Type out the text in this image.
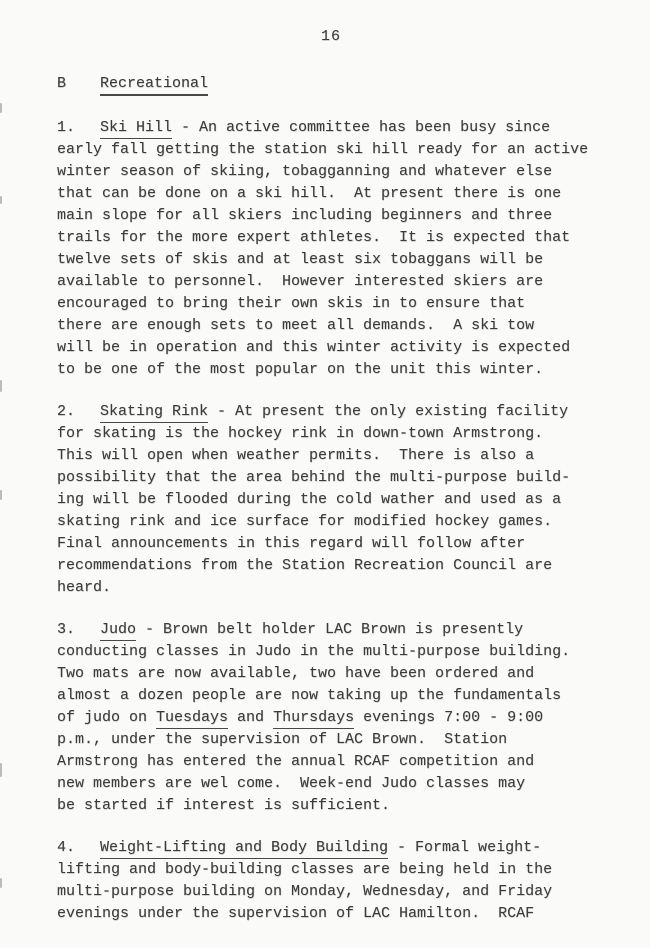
16
B Recreational
1. Ski Hill - An active committee has been busy since
early fall getting the station ski hill ready for an active
winter season of skiing, tobagganning and whatever else
that can be done on a ski hill.  At present there is one
main slope for all skiers including beginners and three
trails for the more expert athletes.  It is expected that
twelve sets of skis and at least six tobaggans will be
available to personnel.  However interested skiers are
encouraged to bring their own skis in to ensure that
there are enough sets to meet all demands.  A ski tow
will be in operation and this winter activity is expected
to be one of the most popular on the unit this winter.
2. Skating Rink - At present the only existing facility
for skating is the hockey rink in down-town Armstrong.
This will open when weather permits.  There is also a
possibility that the area behind the multi-purpose build-
ing will be flooded during the cold wather and used as a
skating rink and ice surface for modified hockey games.
Final announcements in this regard will follow after
recommendations from the Station Recreation Council are
heard.
3. Judo - Brown belt holder LAC Brown is presently
conducting classes in Judo in the multi-purpose building.
Two mats are now available, two have been ordered and
almost a dozen people are now taking up the fundamentals
of judo on Tuesdays and Thursdays evenings 7:00 - 9:00
p.m., under the supervision of LAC Brown.  Station
Armstrong has entered the annual RCAF competition and
new members are wel come.  Week-end Judo classes may
be started if interest is sufficient.
4. Weight-Lifting and Body Building - Formal weight-
lifting and body-building classes are being held in the
multi-purpose building on Monday, Wednesday, and Friday
evenings under the supervision of LAC Hamilton.  RCAF
